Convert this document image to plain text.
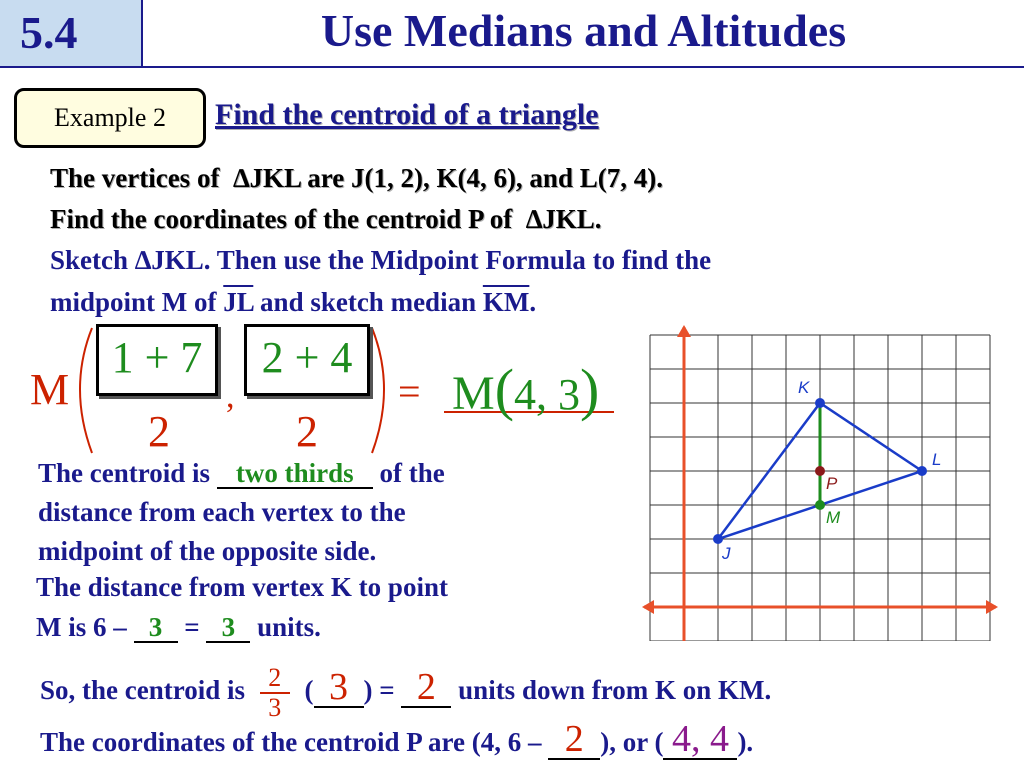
5.4	Use Medians and Altitudes
Example 2	Find the centroid of a triangle
The vertices of ∆JKL are J(1, 2), K(4, 6), and L(7, 4).
Find the coordinates of the centroid P of ∆JKL.
Sketch ∆JKL. Then use the Midpoint Formula to find the
midpoint M of $\overline{JL}$ and sketch median $\overline{KM}$.
M
1 + 7
2
,
2 + 4
2
= M(4, 3)
The centroid is two thirds of the
distance from each vertex to the
midpoint of the opposite side.
The distance from vertex K to point
M is 6 – 3 = 3 units.
So, the centroid is $\frac{2}{3}$ ( 3 ) = 2 units down from K on KM.
The coordinates of the centroid P are (4, 6 – 2 ), or ( 4, 4 ).
J
K
L
P
M
